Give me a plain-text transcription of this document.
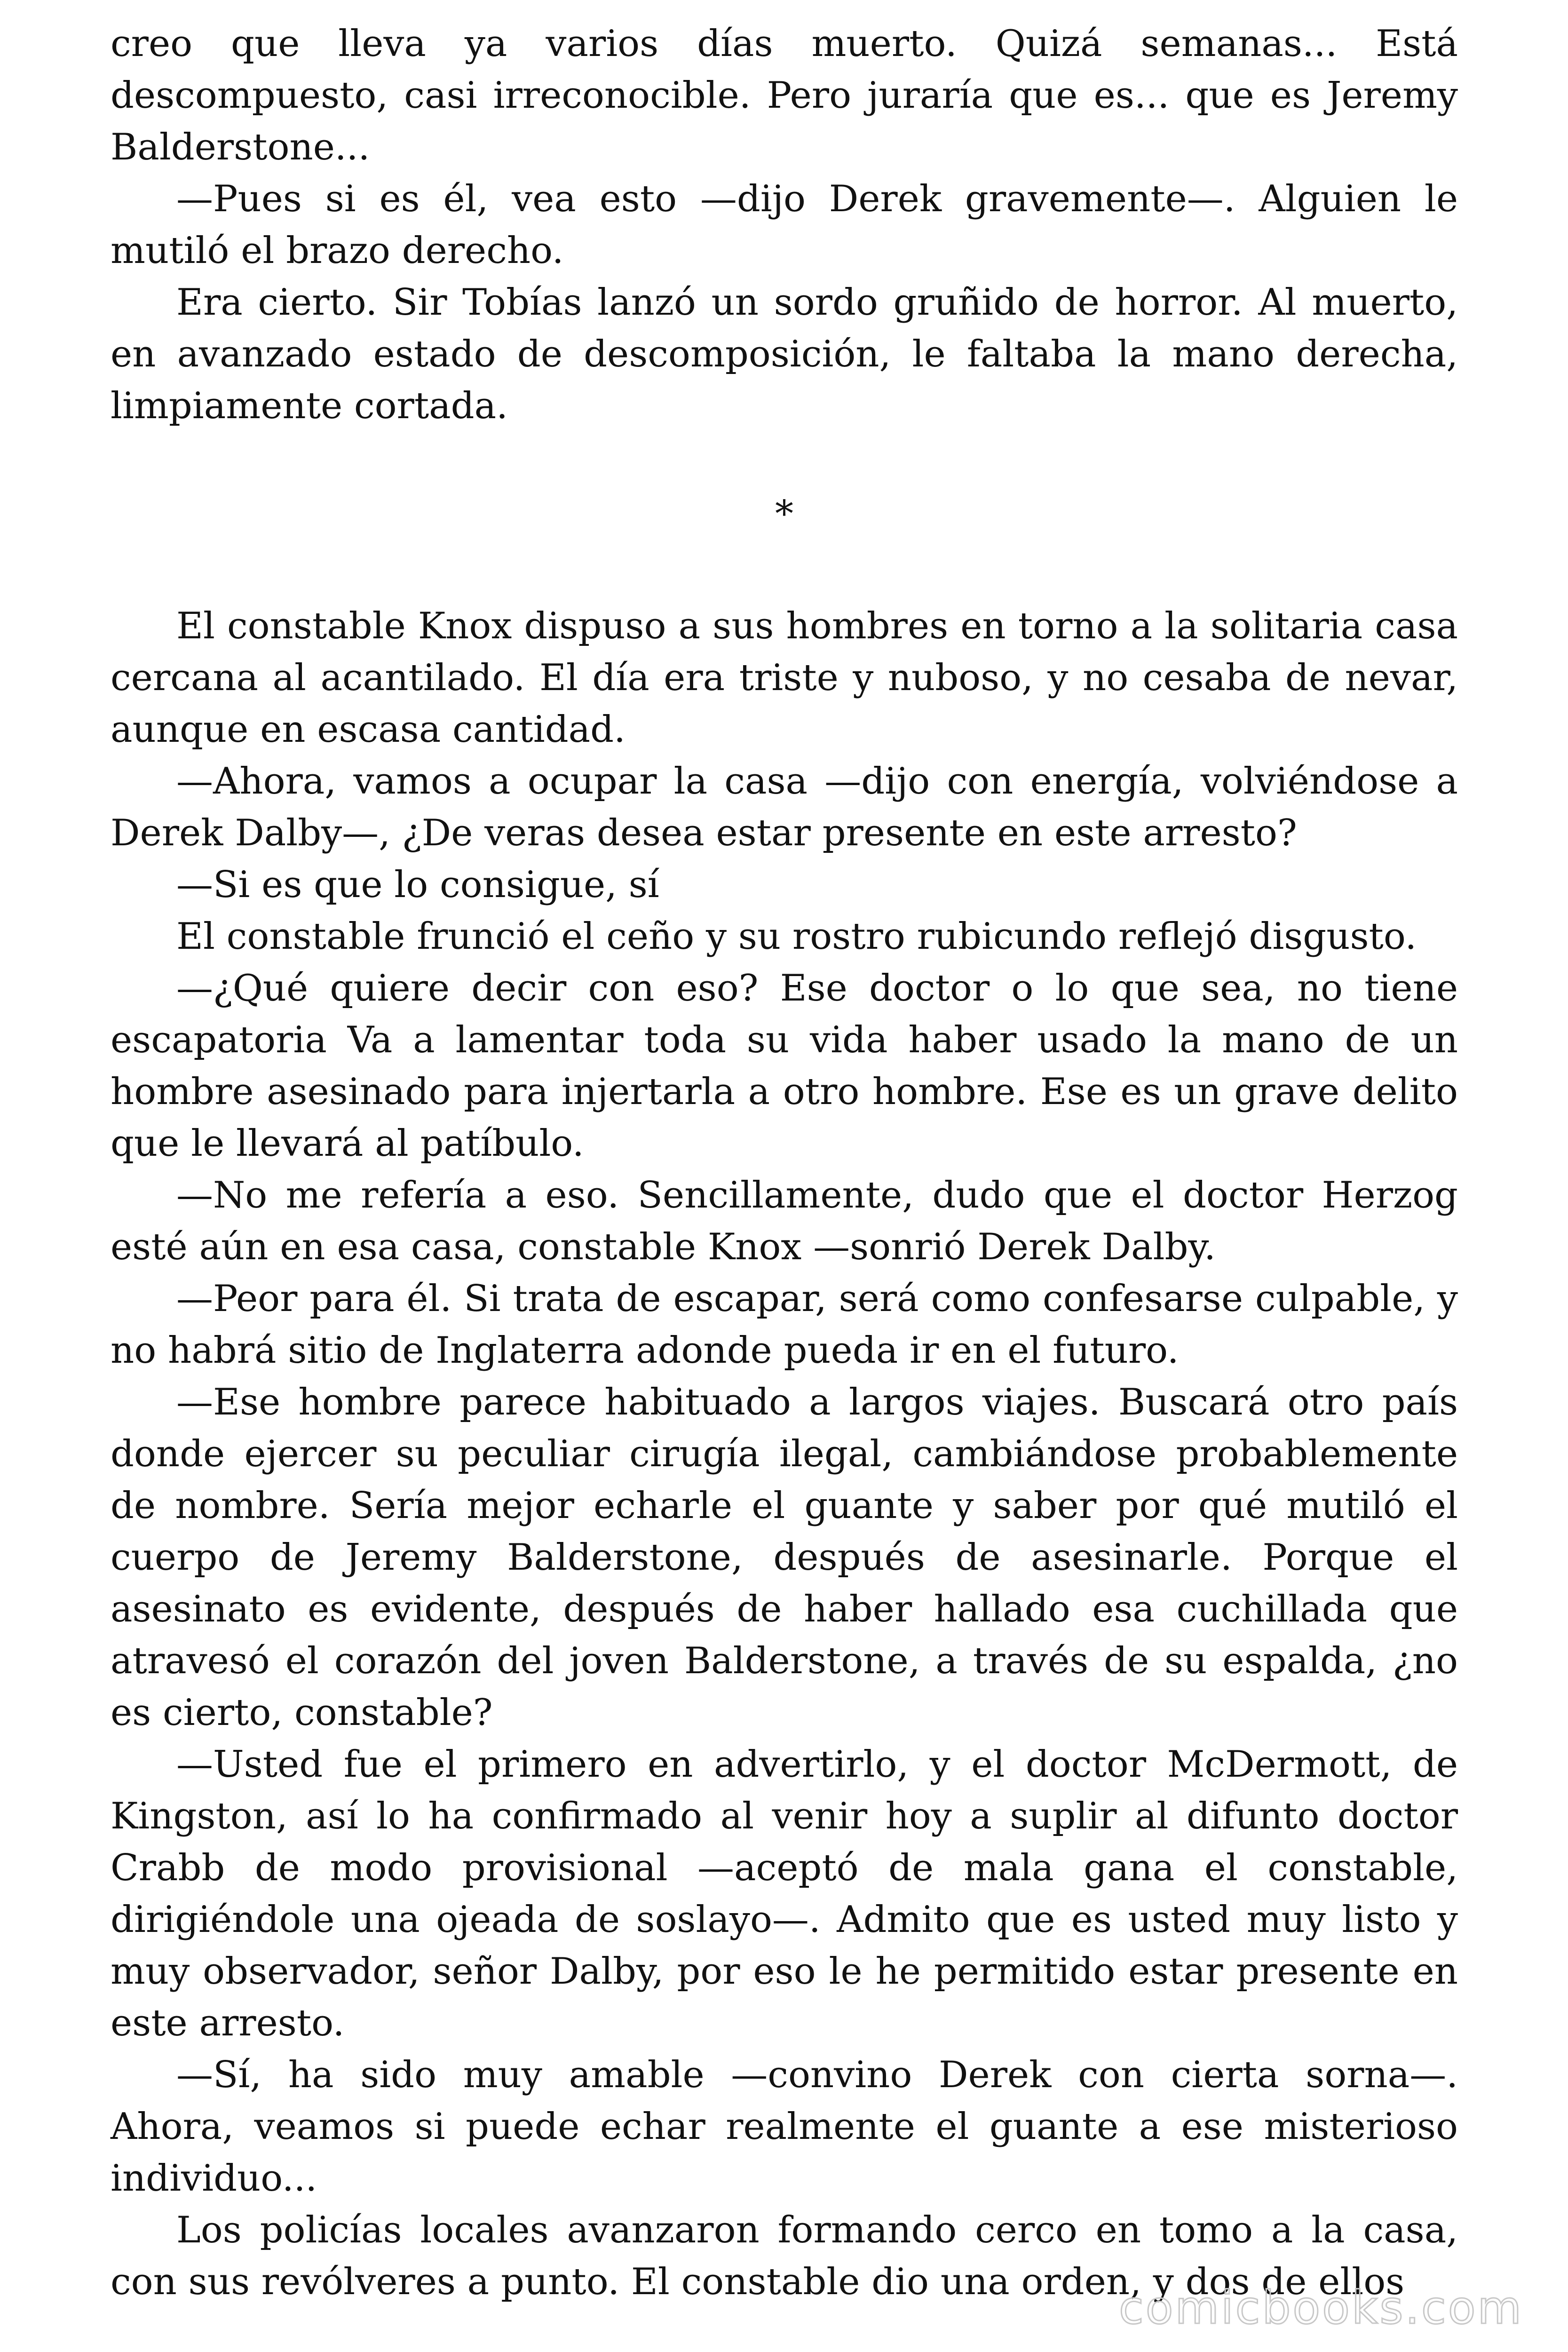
creo que lleva ya varios días muerto. Quizá semanas... Está descompuesto, casi irreconocible. Pero juraría que es... que es Jeremy Balderstone...

—Pues si es él, vea esto —dijo Derek gravemente—. Alguien le mutiló el brazo derecho.

Era cierto. Sir Tobías lanzó un sordo gruñido de horror. Al muerto, en avanzado estado de descomposición, le faltaba la mano derecha, limpiamente cortada.

*

El constable Knox dispuso a sus hombres en torno a la solitaria casa cercana al acantilado. El día era triste y nuboso, y no cesaba de nevar, aunque en escasa cantidad.

—Ahora, vamos a ocupar la casa —dijo con energía, volviéndose a Derek Dalby—, ¿De veras desea estar presente en este arresto?

—Si es que lo consigue, sí

El constable frunció el ceño y su rostro rubicundo reflejó disgusto.

—¿Qué quiere decir con eso? Ese doctor o lo que sea, no tiene escapatoria Va a lamentar toda su vida haber usado la mano de un hombre asesinado para injertarla a otro hombre. Ese es un grave delito que le llevará al patíbulo.

—No me refería a eso. Sencillamente, dudo que el doctor Herzog esté aún en esa casa, constable Knox —sonrió Derek Dalby.

—Peor para él. Si trata de escapar, será como confesarse culpable, y no habrá sitio de Inglaterra adonde pueda ir en el futuro.

—Ese hombre parece habituado a largos viajes. Buscará otro país donde ejercer su peculiar cirugía ilegal, cambiándose probablemente de nombre. Sería mejor echarle el guante y saber por qué mutiló el cuerpo de Jeremy Balderstone, después de asesinarle. Porque el asesinato es evidente, después de haber hallado esa cuchillada que atravesó el corazón del joven Balderstone, a través de su espalda, ¿no es cierto, constable?

—Usted fue el primero en advertirlo, y el doctor McDermott, de Kingston, así lo ha confirmado al venir hoy a suplir al difunto doctor Crabb de modo provisional —aceptó de mala gana el constable, dirigiéndole una ojeada de soslayo—. Admito que es usted muy listo y muy observador, señor Dalby, por eso le he permitido estar presente en este arresto.

—Sí, ha sido muy amable —convino Derek con cierta sorna—. Ahora, veamos si puede echar realmente el guante a ese misterioso individuo...

Los policías locales avanzaron formando cerco en tomo a la casa, con sus revólveres a punto. El constable dio una orden, y dos de ellos

comicbooks.com
